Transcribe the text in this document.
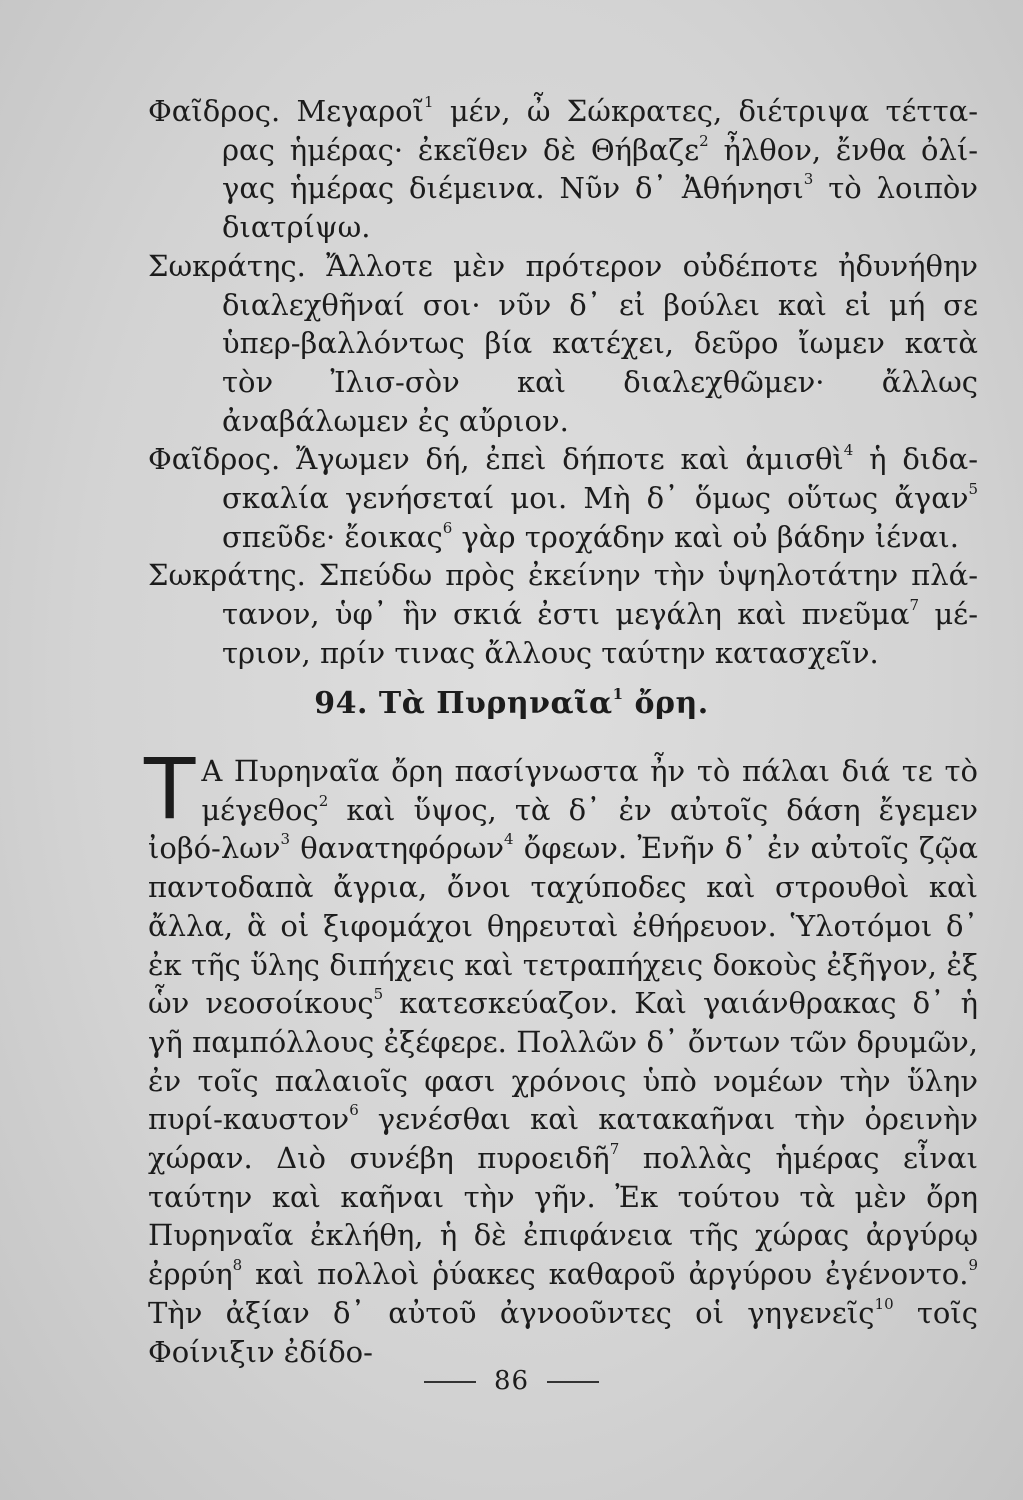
Φαῖδρος. Μεγαροῖ$^1$ μέν, ὦ Σώκρατες, διέτριψα τέττα-ρας ἡμέρας· ἐκεῖθεν δὲ Θήβαζε$^2$ ἦλθον, ἔνθα ὀλί-γας ἡμέρας διέμεινα. Νῦν δ᾽ Ἀθήνησι$^3$ τὸ λοιπὸν διατρίψω.

Σωκράτης. Ἄλλοτε μὲν πρότερον οὐδέποτε ἠδυνήθην διαλεχθῆναί σοι· νῦν δ᾽ εἰ βούλει καὶ εἰ μή σε ὑπερ-βαλλόντως βία κατέχει, δεῦρο ἴωμεν κατὰ τὸν Ἰλισ-σὸν καὶ διαλεχθῶμεν· ἄλλως ἀναβάλωμεν ἐς αὔριον.

Φαῖδρος. Ἄγωμεν δή, ἐπεὶ δήποτε καὶ ἀμισθὶ$^4$ ἡ διδα-σκαλία γενήσεταί μοι. Μὴ δ᾽ ὅμως οὕτως ἄγαν$^5$ σπεῦδε· ἔοικας$^6$ γὰρ τροχάδην καὶ οὐ βάδην ἰέναι.

Σωκράτης. Σπεύδω πρὸς ἐκείνην τὴν ὑψηλοτάτην πλά-τανον, ὑφ᾽ ἣν σκιά ἐστι μεγάλη καὶ πνεῦμα$^7$ μέ-τριον, πρίν τινας ἄλλους ταύτην κατασχεῖν.

94. Τὰ Πυρηναῖα$^1$ ὄρη.

T Α Πυρηναῖα ὄρη πασίγνωστα ἦν τὸ πάλαι διά τε τὸ μέγεθος$^2$ καὶ ὕψος, τὰ δ᾽ ἐν αὐτοῖς δάση ἔγεμεν ἰοβό-λων$^3$ θανατηφόρων$^4$ ὄφεων. Ἐνῆν δ᾽ ἐν αὐτοῖς ζῷα παντοδαπὰ ἄγρια, ὄνοι ταχύποδες καὶ στρουθοὶ καὶ ἄλλα, ἃ οἱ ξιφομάχοι θηρευταὶ ἐθήρευον. Ὑλοτόμοι δ᾽ ἐκ τῆς ὕλης διπήχεις καὶ τετραπήχεις δοκοὺς ἐξῆγον, ἐξ ὧν νεοσοίκους$^5$ κατεσκεύαζον. Καὶ γαιάνθρακας δ᾽ ἡ γῆ παμπόλλους ἐξέφερε. Πολλῶν δ᾽ ὄντων τῶν δρυμῶν, ἐν τοῖς παλαιοῖς φασι χρόνοις ὑπὸ νομέων τὴν ὕλην πυρί-καυστον$^6$ γενέσθαι καὶ κατακαῆναι τὴν ὀρεινὴν χώραν. Διὸ συνέβη πυροειδῆ$^7$ πολλὰς ἡμέρας εἶναι ταύτην καὶ καῆναι τὴν γῆν. Ἐκ τούτου τὰ μὲν ὄρη Πυρηναῖα ἐκλήθη, ἡ δὲ ἐπιφάνεια τῆς χώρας ἀργύρῳ ἐρρύη$^8$ καὶ πολλοὶ ῥύακες καθαροῦ ἀργύρου ἐγένοντο.$^9$ Τὴν ἀξίαν δ᾽ αὐτοῦ ἀγνοοῦντες οἱ γηγενεῖς$^{10}$ τοῖς Φοίνιξιν ἐδίδο-

86
